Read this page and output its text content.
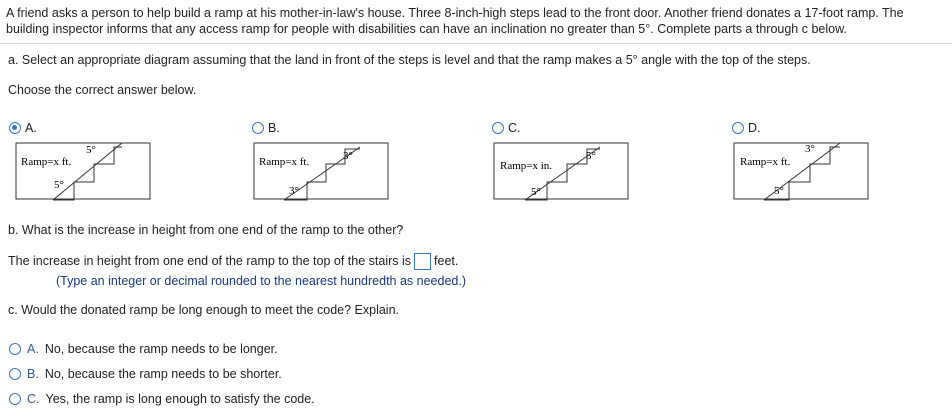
A friend asks a person to help build a ramp at his mother-in-law's house. Three 8-inch-high steps lead to the front door. Another friend donates a 17-foot ramp. The building inspector informs that any access ramp for people with disabilities can have an inclination no greater than 5°. Complete parts a through c below.
a. Select an appropriate diagram assuming that the land in front of the steps is level and that the ramp makes a 5° angle with the top of the steps.
Choose the correct answer below.
A.
Ramp=x ft.
5°
5°
B.
Ramp=x ft.	3°
3°
C.
Ramp=x in.
5°
5°
D.
Ramp=x ft.
3°
5°
b. What is the increase in height from one end of the ramp to the other?
The increase in height from one end of the ramp to the top of the stairs is feet.
(Type an integer or decimal rounded to the nearest hundredth as needed.)
c. Would the donated ramp be long enough to meet the code? Explain.
A. No, because the ramp needs to be longer.
B. No, because the ramp needs to be shorter.
C. Yes, the ramp is long enough to satisfy the code.
